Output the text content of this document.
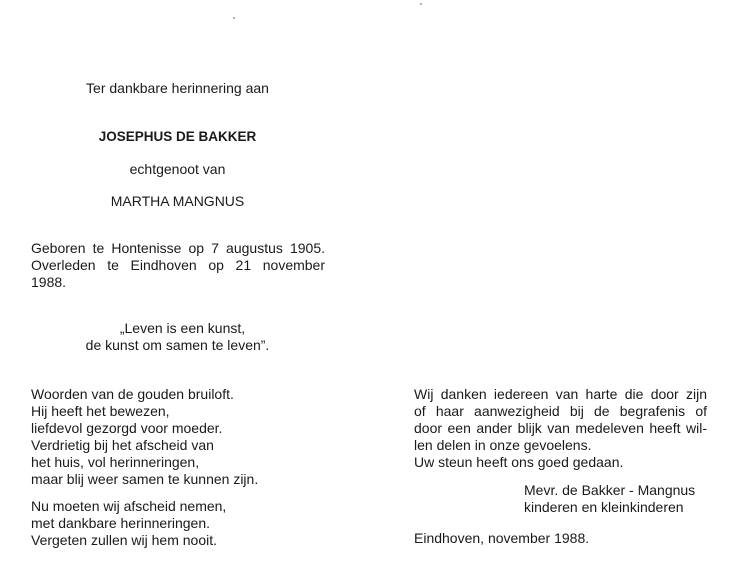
Ter dankbare herinnering aan
JOSEPHUS DE BAKKER
echtgenoot van
MARTHA MANGNUS
Geboren te Hontenisse op 7 augustus 1905.
Overleden te Eindhoven op 21 november
1988.
„Leven is een kunst,
de kunst om samen te leven”.
Woorden van de gouden bruiloft.
Hij heeft het bewezen,
liefdevol gezorgd voor moeder.
Verdrietig bij het afscheid van
het huis, vol herinneringen,
maar blij weer samen te kunnen zijn.
Nu moeten wij afscheid nemen,
met dankbare herinneringen.
Vergeten zullen wij hem nooit.
Wij danken iedereen van harte die door zijn
of haar aanwezigheid bij de begrafenis of
door een ander blijk van medeleven heeft wil-
len delen in onze gevoelens.
Uw steun heeft ons goed gedaan.
Mevr. de Bakker - Mangnus
kinderen en kleinkinderen
Eindhoven, november 1988.
